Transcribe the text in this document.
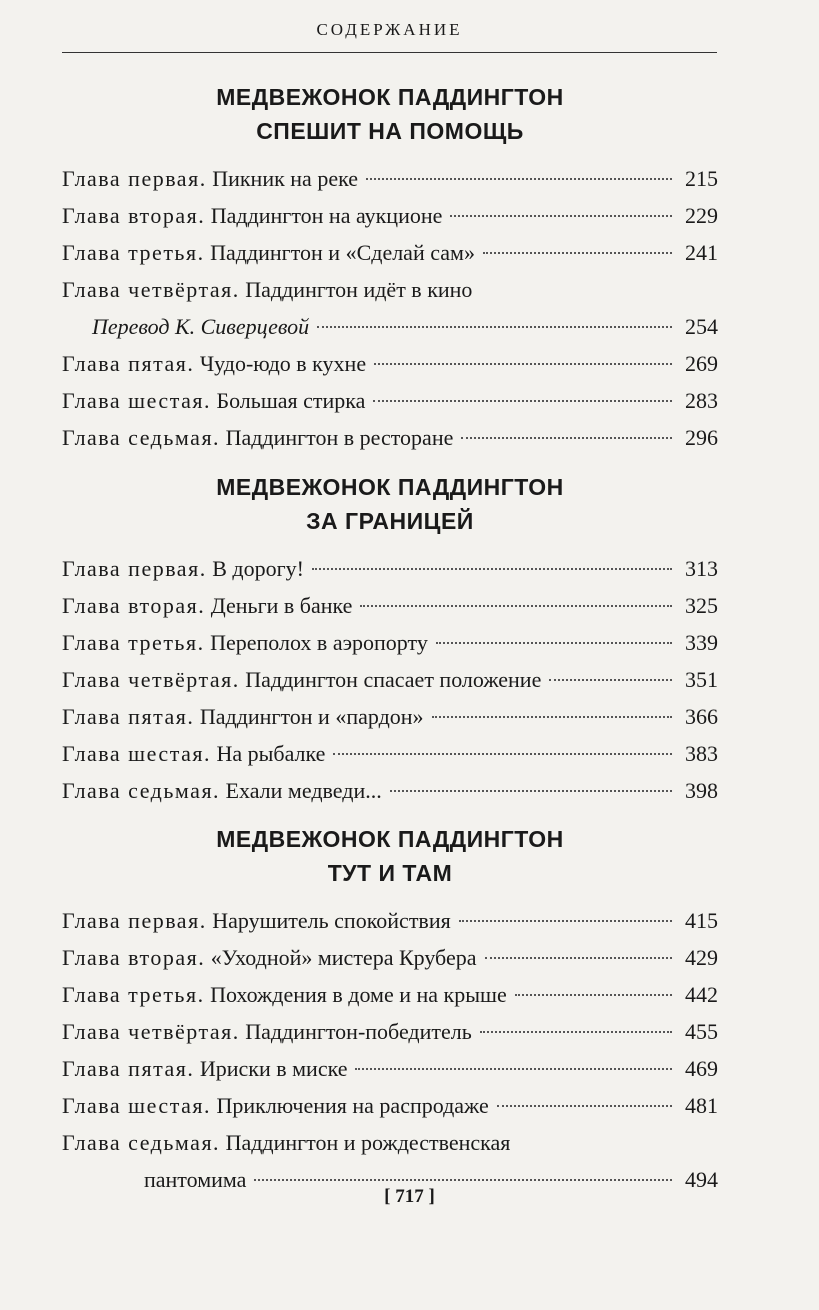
СОДЕРЖАНИЕ
МЕДВЕЖОНОК ПАДДИНГТОН
СПЕШИТ НА ПОМОЩЬ
Глава первая. Пикник на реке	215
Глава вторая. Паддингтон на аукционе	229
Глава третья. Паддингтон и «Сделай сам»	241
Глава четвёртая. Паддингтон идёт в кино
Перевод К. Сиверцевой	254
Глава пятая. Чудо-юдо в кухне	269
Глава шестая. Большая стирка	283
Глава седьмая. Паддингтон в ресторане	296
МЕДВЕЖОНОК ПАДДИНГТОН
ЗА ГРАНИЦЕЙ
Глава первая. В дорогу!	313
Глава вторая. Деньги в банке	325
Глава третья. Переполох в аэропорту	339
Глава четвёртая. Паддингтон спасает положение	351
Глава пятая. Паддингтон и «пардон»	366
Глава шестая. На рыбалке	383
Глава седьмая. Ехали медведи...	398
МЕДВЕЖОНОК ПАДДИНГТОН
ТУТ И ТАМ
Глава первая. Нарушитель спокойствия	415
Глава вторая. «Уходной» мистера Крубера	429
Глава третья. Похождения в доме и на крыше	442
Глава четвёртая. Паддингтон-победитель	455
Глава пятая. Ириски в миске	469
Глава шестая. Приключения на распродаже	481
Глава седьмая. Паддингтон и рождественская
пантомима	494
[ 717 ]
